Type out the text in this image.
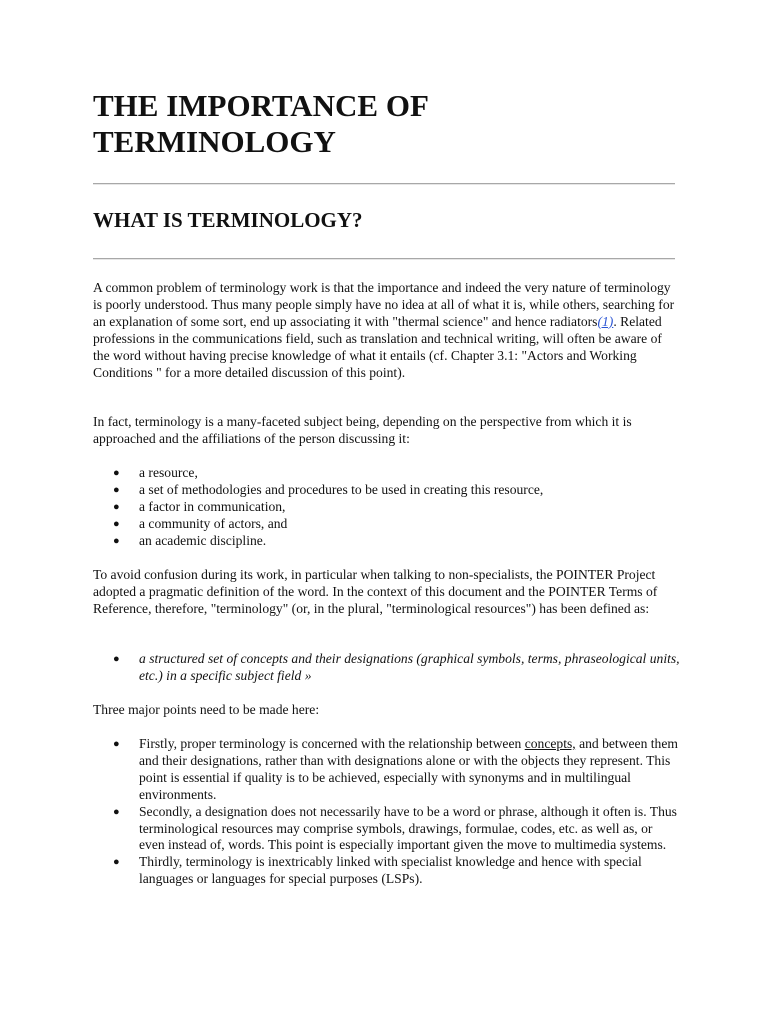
THE IMPORTANCE OF TERMINOLOGY
WHAT IS TERMINOLOGY?

A common problem of terminology work is that the importance and indeed the very nature of terminology is poorly understood. Thus many people simply have no idea at all of what it is, while others, searching for an explanation of some sort, end up associating it with "thermal science" and hence radiators(1). Related professions in the communications field, such as translation and technical writing, will often be aware of the word without having precise knowledge of what it entails (cf. Chapter 3.1: "Actors and Working Conditions " for a more detailed discussion of this point).

In fact, terminology is a many-faceted subject being, depending on the perspective from which it is approached and the affiliations of the person discussing it:

● a resource,
● a set of methodologies and procedures to be used in creating this resource,
● a factor in communication,
● a community of actors, and
● an academic discipline.

To avoid confusion during its work, in particular when talking to non-specialists, the POINTER Project adopted a pragmatic definition of the word. In the context of this document and the POINTER Terms of Reference, therefore, "terminology" (or, in the plural, "terminological resources") has been defined as:

● a structured set of concepts and their designations (graphical symbols, terms, phraseological units, etc.) in a specific subject field »

Three major points need to be made here:

● Firstly, proper terminology is concerned with the relationship between concepts, and between them and their designations, rather than with designations alone or with the objects they represent. This point is essential if quality is to be achieved, especially with synonyms and in multilingual environments.
● Secondly, a designation does not necessarily have to be a word or phrase, although it often is. Thus terminological resources may comprise symbols, drawings, formulae, codes, etc. as well as, or even instead of, words. This point is especially important given the move to multimedia systems.
● Thirdly, terminology is inextricably linked with specialist knowledge and hence with special languages or languages for special purposes (LSPs).
